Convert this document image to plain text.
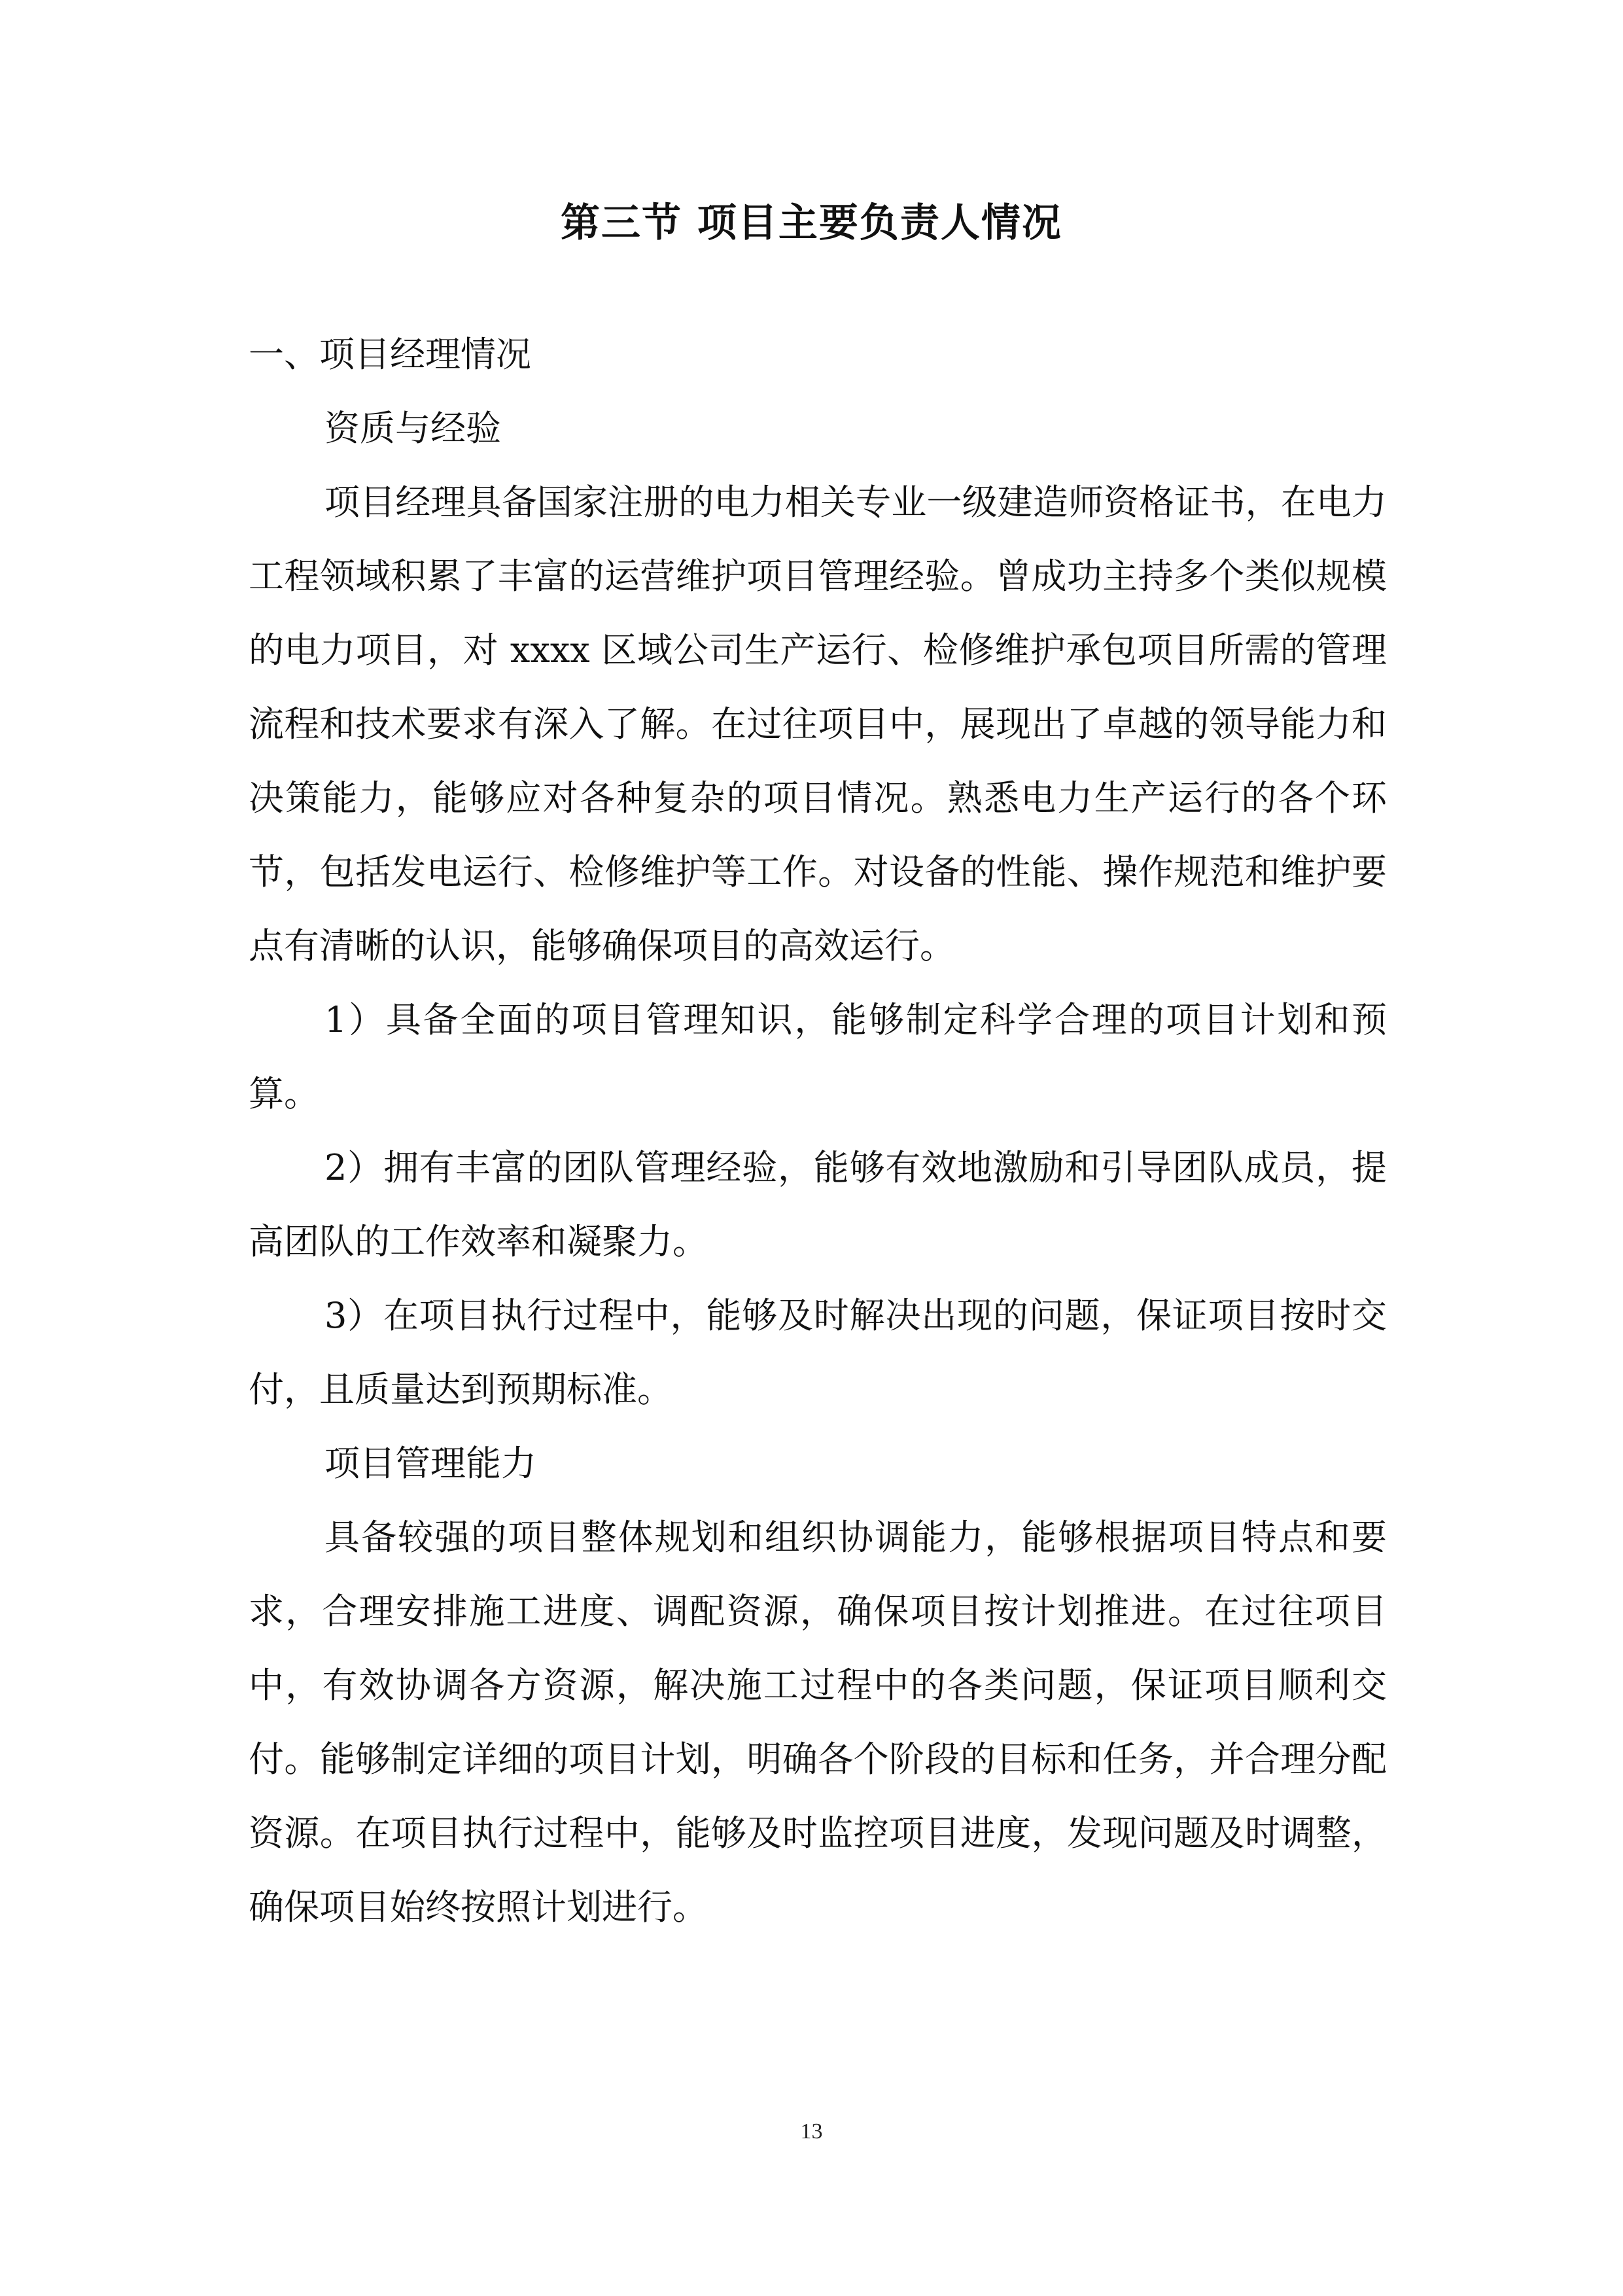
第三节 项目主要负责人情况

一、项目经理情况

资质与经验

项目经理具备国家注册的电力相关专业一级建造师资格证书，在电力工程领域积累了丰富的运营维护项目管理经验。曾成功主持多个类似规模的电力项目，对 xxxx 区域公司生产运行、检修维护承包项目所需的管理流程和技术要求有深入了解。在过往项目中，展现出了卓越的领导能力和决策能力，能够应对各种复杂的项目情况。熟悉电力生产运行的各个环节，包括发电运行、检修维护等工作。对设备的性能、操作规范和维护要点有清晰的认识，能够确保项目的高效运行。

1）具备全面的项目管理知识，能够制定科学合理的项目计划和预算。

2）拥有丰富的团队管理经验，能够有效地激励和引导团队成员，提高团队的工作效率和凝聚力。

3）在项目执行过程中，能够及时解决出现的问题，保证项目按时交付，且质量达到预期标准。

项目管理能力

具备较强的项目整体规划和组织协调能力，能够根据项目特点和要求，合理安排施工进度、调配资源，确保项目按计划推进。在过往项目中，有效协调各方资源，解决施工过程中的各类问题，保证项目顺利交付。能够制定详细的项目计划，明确各个阶段的目标和任务，并合理分配资源。在项目执行过程中，能够及时监控项目进度，发现问题及时调整，确保项目始终按照计划进行。

13
